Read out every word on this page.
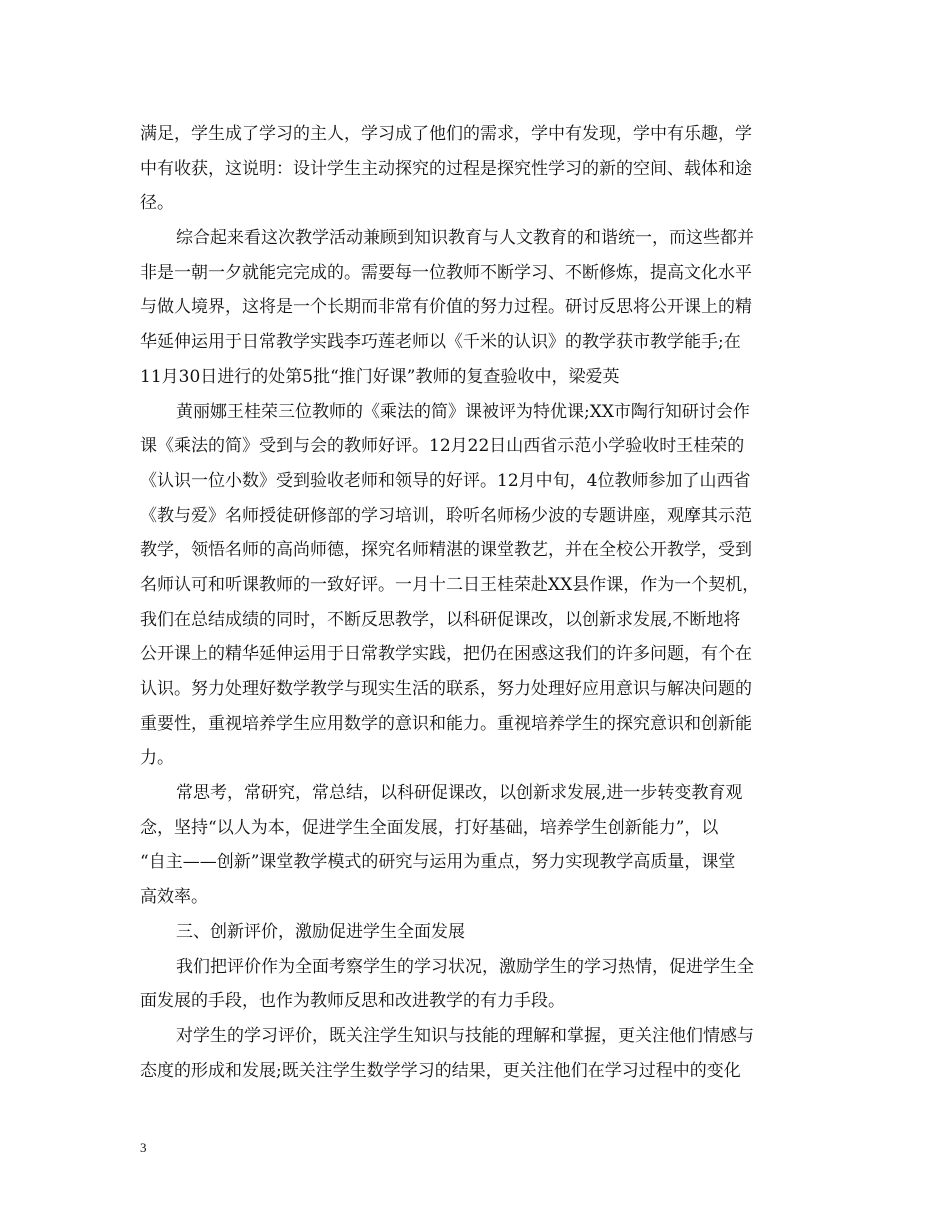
满足，学生成了学习的主人，学习成了他们的需求，学中有发现，学中有乐趣，学
中有收获，这说明：设计学生主动探究的过程是探究性学习的新的空间、载体和途
径。

综合起来看这次教学活动兼顾到知识教育与人文教育的和谐统一，而这些都并
非是一朝一夕就能完完成的。需要每一位教师不断学习、不断修炼，提高文化水平
与做人境界，这将是一个长期而非常有价值的努力过程。研讨反思将公开课上的精
华延伸运用于日常教学实践李巧莲老师以《千米的认识》的教学获市教学能手;在
11月30日进行的处第5批“推门好课”教师的复查验收中，梁爱英

黄丽娜王桂荣三位教师的《乘法的简》课被评为特优课;XX市陶行知研讨会作
课《乘法的简》受到与会的教师好评。12月22日山西省示范小学验收时王桂荣的
《认识一位小数》受到验收老师和领导的好评。12月中旬，4位教师参加了山西省
《教与爱》名师授徒研修部的学习培训，聆听名师杨少波的专题讲座，观摩其示范
教学，领悟名师的高尚师德，探究名师精湛的课堂教艺，并在全校公开教学，受到
名师认可和听课教师的一致好评。一月十二日王桂荣赴XX县作课，作为一个契机，
我们在总结成绩的同时，不断反思教学，以科研促课改，以创新求发展,不断地将
公开课上的精华延伸运用于日常教学实践，把仍在困惑这我们的许多问题，有个在
认识。努力处理好数学教学与现实生活的联系，努力处理好应用意识与解决问题的
重要性，重视培养学生应用数学的意识和能力。重视培养学生的探究意识和创新能
力。

常思考，常研究，常总结，以科研促课改，以创新求发展,进一步转变教育观
念，坚持“以人为本，促进学生全面发展，打好基础，培养学生创新能力”，以
“自主——创新”课堂教学模式的研究与运用为重点，努力实现教学高质量，课堂
高效率。

三、创新评价，激励促进学生全面发展

我们把评价作为全面考察学生的学习状况，激励学生的学习热情，促进学生全
面发展的手段，也作为教师反思和改进教学的有力手段。

对学生的学习评价，既关注学生知识与技能的理解和掌握，更关注他们情感与
态度的形成和发展;既关注学生数学学习的结果，更关注他们在学习过程中的变化

3
